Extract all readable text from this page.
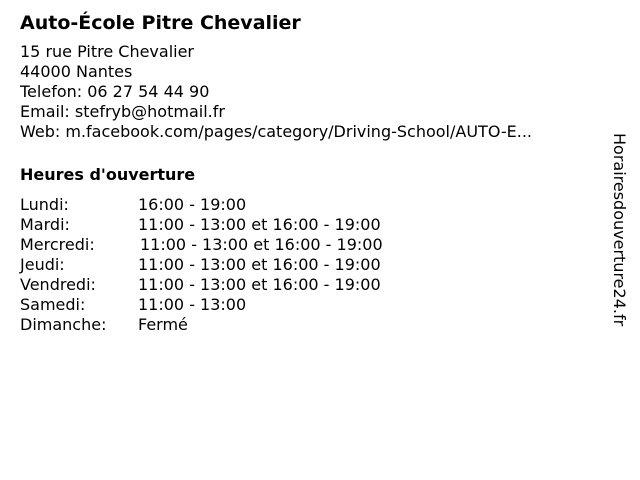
Auto-École Pitre Chevalier
15 rue Pitre Chevalier
44000 Nantes
Telefon: 06 27 54 44 90
Email: stefryb@hotmail.fr
Web: m.facebook.com/pages/category/Driving-School/AUTO-E...
Heures d'ouverture
Lundi:	16:00 - 19:00
Mardi:	11:00 - 13:00 et 16:00 - 19:00
Mercredi:	11:00 - 13:00 et 16:00 - 19:00
Jeudi:	11:00 - 13:00 et 16:00 - 19:00
Vendredi:	11:00 - 13:00 et 16:00 - 19:00
Samedi:	11:00 - 13:00
Dimanche:	Fermé	Horairesdouverture24.fr
